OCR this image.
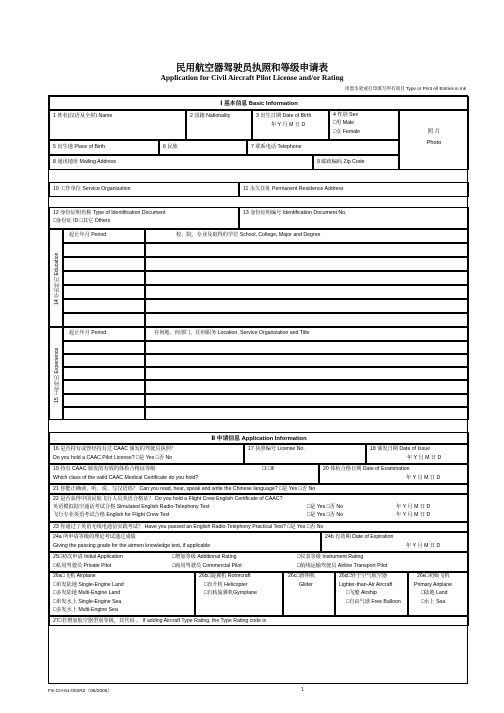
民用航空器驾驶员执照和等级申请表
Application for Civil Aircraft Pilot License and/or Rating
用墨水笔或打印填写所有项目 Type or Print All Entries in Ink
Ⅰ 基本信息 Basic Information
1 姓名(汉语及全拼) Name	2 国籍 Nationality	3 出生日期 Date of Birth
年 Y 月 M 日 D
4 性别 Sex
□男 Male
□女 Female	照 片
Photo
5 出生地 Place of Birth	6 民族	7 联系电话 Telephone
8 通讯地址 Mailing Address	9 邮政编码 Zip Code
10 工作单位 Service Organization	11 永久住址 Permanent Residence Address
12 身份证明名称 Type of Identification Document
□身份证 ID □其它 Others
13 身份证明编号 Identification Document No.
14 学历经历 Education
起止年月 Period	校、院、专业及取得的学位 School, College, Major and Degree
15 工作经历 Experience
起止年月 Period	在何地、何部门、任何职务 Location, Service Organization and Title
Ⅱ 申请信息 Application Information
16 是否持有或曾经持有过 CAAC 颁发的驾驶员执照？
Do you hold a CAAC Pilot License? □是 Yes □否 No
17 执照编号 License No.	18 颁发日期 Date of Issue
年 Y 月 M 日 D
19 持有 CAAC 颁发的有效的体检合格证等级	□Ⅰ □Ⅱ
Which class of the valid CAAC Medical Certificate do you hold?
20 体检合格日期 Date of Examination
年 Y 月 M 日 D
21 你能正确读、听、说、写汉语吗？ Can you read, hear, speak and write the Chinese language? □是 Yes □否 No
22 是否获得中国民航飞行人员英语合格证？ Do you hold a Flight Crew English Certificate of CAAC?
英语模拟陆空通话考试合格 Simulated English Radio-Telephony Test	□是 Yes □否 No	年 Y 月 M 日 D
飞行专业英语考试合格 English for Flight Crew Test	□是 Yes □否 No	年 Y 月 M 日 D
23 你通过了英语无线电通信实践考试？ Have you passed an English Radio-Telephony Practical Test? □是 Yes □否 No
24a 所申请等级的理论考试通过成绩
Giving the passing grade for the airmen knowledge test, if applicable
24b 有效期 Date of Expiration
年 Y 月 M 日 D
25□初次申请 Initial Application	□增加等级 Additional Rating	□仪表等级 Instrument Rating
□私用驾驶员 Private Pilot	□商用驾驶员 Commercial Pilot	□航线运输驾驶员 Airline Transport Pilot
26a□飞机 Airplane
□单发陆地 Single-Engine Land
□多发陆地 Multi-Engine Land
□单发水上 Single-Engine Sea
□多发水上 Multi-Engine Sea
26b□旋翼机 Rotorcraft
□直升机 Helicopter
□自转旋翼机Gyroplane
26c□滑翔机
Glider
26d□轻于空气航空器
Lighter-than-Air Aircraft
□飞艇 Airship
□自由气球 Free Balloon
26e□初级飞机
Primary Airplane
□陆地 Land
□水上 Sea
27□若增加航空器型别等级，其代码 。 If adding Aircraft Type Rating, the Type Rating code is
FS-CH-61-002R2（05/2005）	1
